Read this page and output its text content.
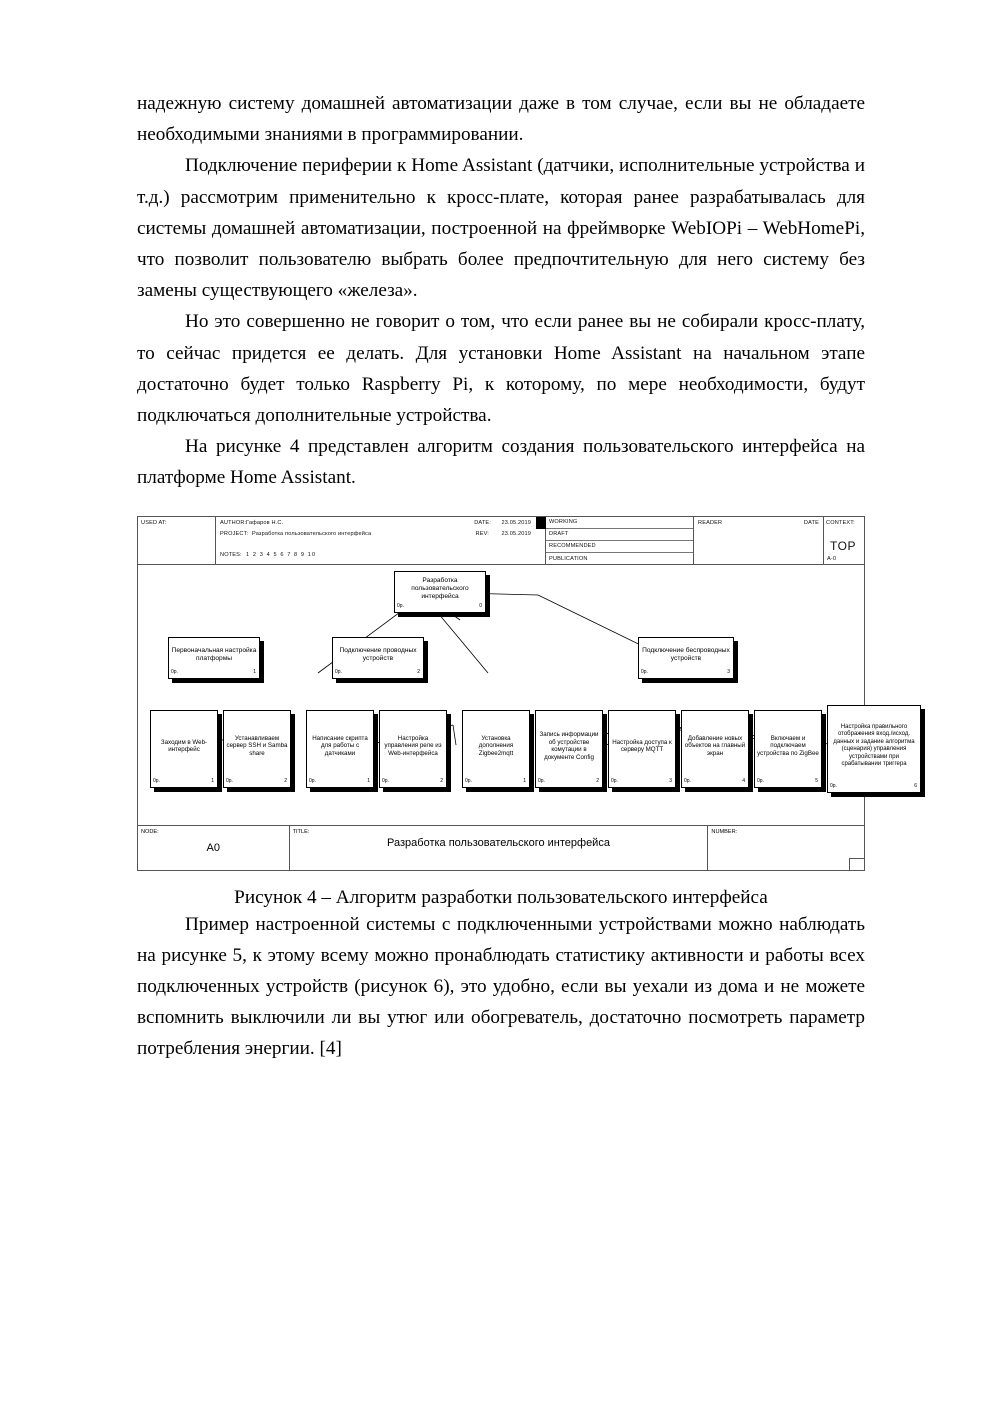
надежную систему домашней автоматизации даже в том случае, если вы не обладаете необходимыми знаниями в программировании.

Подключение периферии к Home Assistant (датчики, исполнительные устройства и т.д.) рассмотрим применительно к кросс-плате, которая ранее разрабатывалась для системы домашней автоматизации, построенной на фреймворке WebIOPi – WebHomePi, что позволит пользователю выбрать более предпочтительную для него систему без замены существующего «железа».

Но это совершенно не говорит о том, что если ранее вы не собирали кросс-плату, то сейчас придется ее делать. Для установки Home Assistant на начальном этапе достаточно будет только Raspberry Pi, к которому, по мере необходимости, будут подключаться дополнительные устройства.

На рисунке 4 представлен алгоритм создания пользовательского интерфейса на платформе Home Assistant.

USED AT:	AUTHOR: Гафаров Н.С.
PROJECT: Разработка пользовательского интерфейса
NOTES: 1 2 3 4 5 6 7 8 9 10
DATE: 23.05.2019
REV: 23.05.2019
WORKING
DRAFT
RECOMMENDED
PUBLICATION
READER	DATE CONTEXT:
TOP
A-0
Разработка пользовательского интерфейса
0р.	0
Первоначальная настройка платформы
0р.	1
Подключение проводных устройств
0р.	2
Подключение беспроводных устройств
0р.	3
Заходим в Web-интерфейс
0р.	1
Устанавливаем сервер SSH и Samba share
0р.	2
Написание скрипта для работы с датчиками
0р.	1
Настройка управления реле из Web-интерфейса
0р.	2
Установка дополнения Zigbee2mqtt
0р.	1
Запись информации об устройстве комутации в документе Config
0р.	2
Настройка доступа к серверу MQTT
0р.	3
Добавление новых объектов на главный экран
0р.	4
Включаем и подключаем устройства по ZigBee
0р.	5
Настройка правильного отображения вход./исход. данных и задание алгоритма (сценария) управления устройствами при срабатывании триггера
0р.	6
NODE:
A0
TITLE:
Разработка пользовательского интерфейса
NUMBER:
Рисунок 4 – Алгоритм разработки пользовательского интерфейса

Пример настроенной системы с подключенными устройствами можно наблюдать на рисунке 5, к этому всему можно пронаблюдать статистику активности и работы всех подключенных устройств (рисунок 6), это удобно, если вы уехали из дома и не можете вспомнить выключили ли вы утюг или обогреватель, достаточно посмотреть параметр потребления энергии. [4]
